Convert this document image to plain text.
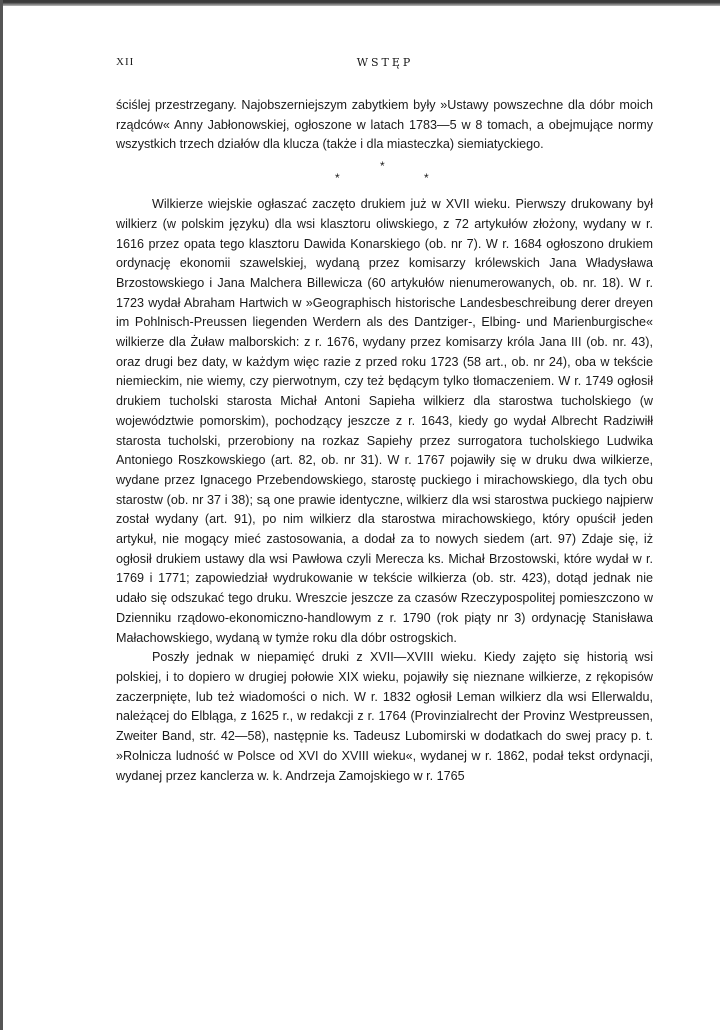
XII	WSTĘP

ściślej przestrzegany. Najobszerniejszym zabytkiem były »Ustawy powszechne dla dóbr moich rządców« Anny Jabłonowskiej, ogłoszone w latach 1783—5 w 8 tomach, a obejmujące normy wszystkich trzech działów dla klucza (także i dla miasteczka) siemiatyckiego.

*
*	*

Wilkierze wiejskie ogłaszać zaczęto drukiem już w XVII wieku. Pierwszy drukowany był wilkierz (w polskim języku) dla wsi klasztoru oliwskiego, z 72 artykułów złożony, wydany w r. 1616 przez opata tego klasztoru Dawida Konarskiego (ob. nr 7). W r. 1684 ogłoszono drukiem ordynację ekonomii szawelskiej, wydaną przez komisarzy królewskich Jana Władysława Brzostowskiego i Jana Malchera Billewicza (60 artykułów nienumerowanych, ob. nr. 18). W r. 1723 wydał Abraham Hartwich w »Geographisch historische Landesbeschreibung derer dreyen im Pohlnisch-Preussen liegenden Werdern als des Dantziger-, Elbing- und Marienburgische« wilkierze dla Żuław malborskich: z r. 1676, wydany przez komisarzy króla Jana III (ob. nr. 43), oraz drugi bez daty, w każdym więc razie z przed roku 1723 (58 art., ob. nr 24), oba w tekście niemieckim, nie wiemy, czy pierwotnym, czy też będącym tylko tłomaczeniem. W r. 1749 ogłosił drukiem tucholski starosta Michał Antoni Sapieha wilkierz dla starostwa tucholskiego (w województwie pomorskim), pochodzący jeszcze z r. 1643, kiedy go wydał Albrecht Radziwiłł starosta tucholski, przerobiony na rozkaz Sapiehy przez surrogatora tucholskiego Ludwika Antoniego Roszkowskiego (art. 82, ob. nr 31). W r. 1767 pojawiły się w druku dwa wilkierze, wydane przez Ignacego Przebendowskiego, starostę puckiego i mirachowskiego, dla tych obu starostw (ob. nr 37 i 38); są one prawie identyczne, wilkierz dla wsi starostwa puckiego najpierw został wydany (art. 91), po nim wilkierz dla starostwa mirachowskiego, który opuścił jeden artykuł, nie mogący mieć zastosowania, a dodał za to nowych siedem (art. 97) Zdaje się, iż ogłosił drukiem ustawy dla wsi Pawłowa czyli Merecza ks. Michał Brzostowski, które wydał w r. 1769 i 1771; zapowiedział wydrukowanie w tekście wilkierza (ob. str. 423), dotąd jednak nie udało się odszukać tego druku. Wreszcie jeszcze za czasów Rzeczypospolitej pomieszczono w Dzienniku rządowo-ekonomiczno-handlowym z r. 1790 (rok piąty nr 3) ordynację Stanisława Małachowskiego, wydaną w tymże roku dla dóbr ostrogskich.

Poszły jednak w niepamięć druki z XVII—XVIII wieku. Kiedy zajęto się historią wsi polskiej, i to dopiero w drugiej połowie XIX wieku, pojawiły się nieznane wilkierze, z rękopisów zaczerpnięte, lub też wiadomości o nich. W r. 1832 ogłosił Leman wilkierz dla wsi Ellerwaldu, należącej do Elbląga, z 1625 r., w redakcji z r. 1764 (Provinzialrecht der Provinz Westpreussen, Zweiter Band, str. 42—58), następnie ks. Tadeusz Lubomirski w dodatkach do swej pracy p. t. »Rolnicza ludność w Polsce od XVI do XVIII wieku«, wydanej w r. 1862, podał tekst ordynacji, wydanej przez kanclerza w. k. Andrzeja Zamojskiego w r. 1765
